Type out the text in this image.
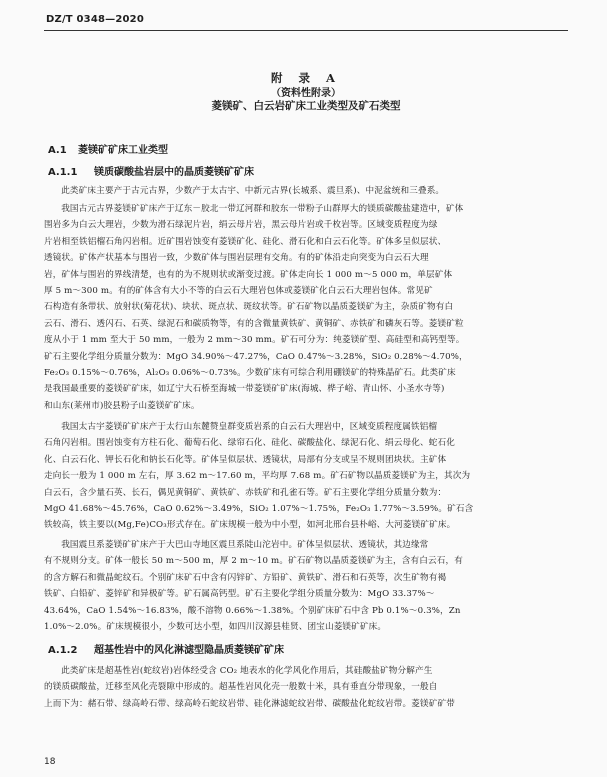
DZ/T 0348—2020
附 录 A
（资料性附录）
菱镁矿、白云岩矿床工业类型及矿石类型
A.1 菱镁矿矿床工业类型
A.1.1 镁质碳酸盐岩层中的晶质菱镁矿矿床
此类矿床主要产于古元古界，少数产于太古宇、中新元古界(长城系、震旦系)、中泥盆统和三叠系。
我国古元古界菱镁矿矿床产于辽东－胶北一带辽河群和胶东一带粉子山群厚大的镁质碳酸盐建造中，矿体
围岩多为白云大理岩，少数为滑石绿泥片岩，绢云母片岩，黑云母片岩或千枚岩等。区域变质程度为绿
片岩相至铁铝榴石角闪岩相。近矿围岩蚀变有菱镁矿化、硅化、滑石化和白云石化等。矿体多呈似层状、
透镜状。矿体产状基本与围岩一致，少数矿体与围岩层理有交角。有的矿体沿走向突变为白云石大理
岩，矿体与围岩的界线清楚，也有的为不规则状或渐变过渡。矿体走向长 1 000 m～5 000 m，单层矿体
厚 5 m～300 m。有的矿体含有大小不等的白云石大理岩包体或菱镁矿化白云石大理岩包体。常见矿
石构造有条带状、放射状(菊花状)、块状、斑点状、斑纹状等。矿石矿物以晶质菱镁矿为主，杂质矿物有白
云石、滑石、透闪石、石英、绿泥石和碳质物等，有的含微量黄铁矿、黄铜矿、赤铁矿和磷灰石等。菱镁矿粒
度从小于 1 mm 至大于 50 mm，一般为 2 mm～30 mm。矿石可分为：纯菱镁矿型、高硅型和高钙型等。
矿石主要化学组分质量分数为：MgO 34.90%～47.27%，CaO 0.47%～3.28%，SiO₂ 0.28%～4.70%，
Fe₂O₃ 0.15%～0.76%，Al₂O₃ 0.06%～0.73%。少数矿床有可综合利用硼镁矿的特殊晶矿石。此类矿床
是我国最重要的菱镁矿矿床，如辽宁大石桥至海城一带菱镁矿矿床(海城、桦子峪、青山怀、小圣水寺等)
和山东(莱州市)胶县粉子山菱镁矿矿床。
我国太古宇菱镁矿矿床产于太行山东麓赞皇群变质岩系的白云石大理岩中，区域变质程度属铁铝榴
石角闪岩相。围岩蚀变有方柱石化、葡萄石化、绿帘石化、硅化、碳酸盐化、绿泥石化、绢云母化、蛇石化
化、白云石化、钾长石化和钠长石化等。矿体呈似层状、透镜状，局部有分支或呈不规则团块状。主矿体
走向长一般为 1 000 m 左右，厚 3.62 m～17.60 m，平均厚 7.68 m。矿石矿物以晶质菱镁矿为主，其次为
白云石，含少量石英、长石，偶见黄铜矿、黄铁矿、赤铁矿和孔雀石等。矿石主要化学组分质量分数为：
MgO 41.68%～45.76%，CaO 0.62%～3.49%，SiO₂ 1.07%～1.75%，Fe₂O₃ 1.77%～3.59%。矿石含
铁较高，铁主要以(Mg,Fe)CO₃形式存在。矿床规模一般为中小型，如河北邢台县朴峪、大河菱镁矿矿床。
我国震旦系菱镁矿矿床产于大巴山寺地区震旦系陡山沱岩中。矿体呈似层状、透镜状，其边缘常
有不规则分支。矿体一般长 50 m～500 m，厚 2 m～10 m。矿石矿物以晶质菱镁矿为主，含有白云石，有
的含方解石和微晶蛇纹石。个别矿床矿石中含有闪锌矿、方铅矿、黄铁矿、滑石和石英等，次生矿物有褐
铁矿、白铅矿、菱锌矿和异极矿等。矿石属高钙型。矿石主要化学组分质量分数为：MgO 33.37%～
43.64%，CaO 1.54%～16.83%，酸不溶物 0.66%～1.38%。个别矿床矿石中含 Pb 0.1%～0.3%，Zn
1.0%～2.0%。矿床规模很小，少数可达小型，如四川汉源县桂贤、团宝山菱镁矿矿床。
A.1.2 超基性岩中的风化淋滤型隐晶质菱镁矿矿床
此类矿床是超基性岩(蛇纹岩)岩体经受含 CO₂ 地表水的化学风化作用后，其硅酸盐矿物分解产生
的镁质碳酸盐，迁移至风化壳裂隙中形成的。超基性岩风化壳一般数十米，具有垂直分带现象，一般自
上而下为：赭石带、绿高岭石带、绿高岭石蛇纹岩带、硅化淋滤蛇纹岩带、碳酸盐化蛇纹岩带。菱镁矿矿带
18
